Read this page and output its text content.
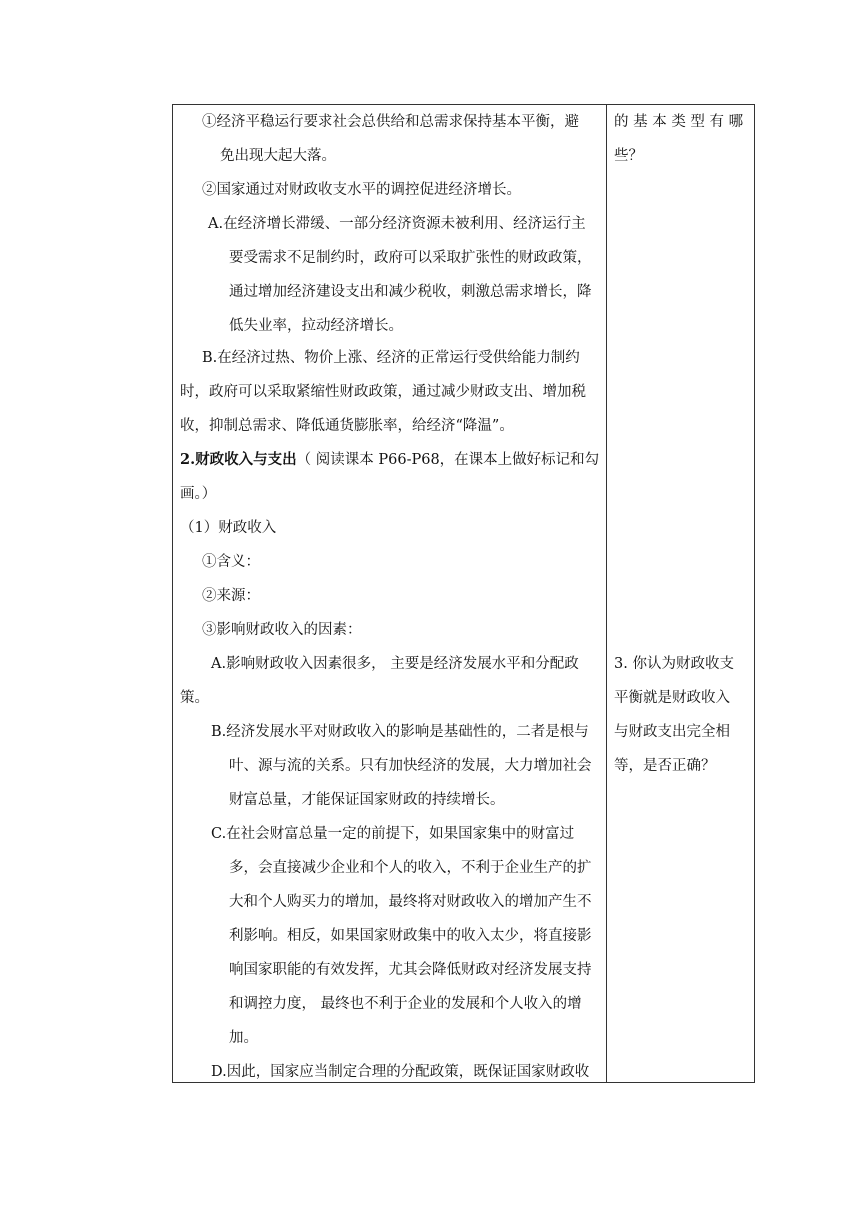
①经济平稳运行要求社会总供给和总需求保持基本平衡，避
免出现大起大落。
②国家通过对财政收支水平的调控促进经济增长。
A.在经济增长滞缓、一部分经济资源未被利用、经济运行主
要受需求不足制约时，政府可以采取扩张性的财政政策，
通过增加经济建设支出和减少税收，刺激总需求增长，降
低失业率，拉动经济增长。
B.在经济过热、物价上涨、经济的正常运行受供给能力制约
时，政府可以采取紧缩性财政政策，通过减少财政支出、增加税
收，抑制总需求、降低通货膨胀率，给经济“降温”。
2.财政收入与支出（ 阅读课本 P66-P68，在课本上做好标记和勾
画。）
（1）财政收入
①含义：
②来源：
③影响财政收入的因素：
A.影响财政收入因素很多， 主要是经济发展水平和分配政
策。
B.经济发展水平对财政收入的影响是基础性的，二者是根与
叶、源与流的关系。只有加快经济的发展，大力增加社会
财富总量，才能保证国家财政的持续增长。
C.在社会财富总量一定的前提下，如果国家集中的财富过
多，会直接减少企业和个人的收入，不利于企业生产的扩
大和个人购买力的增加，最终将对财政收入的增加产生不
利影响。相反，如果国家财政集中的收入太少，将直接影
响国家职能的有效发挥，尤其会降低财政对经济发展支持
和调控力度， 最终也不利于企业的发展和个人收入的增
加。
D.因此，国家应当制定合理的分配政策，既保证国家财政收
的 基 本 类 型 有 哪
些？
3. 你认为财政收支
平衡就是财政收入
与财政支出完全相
等，是否正确？
